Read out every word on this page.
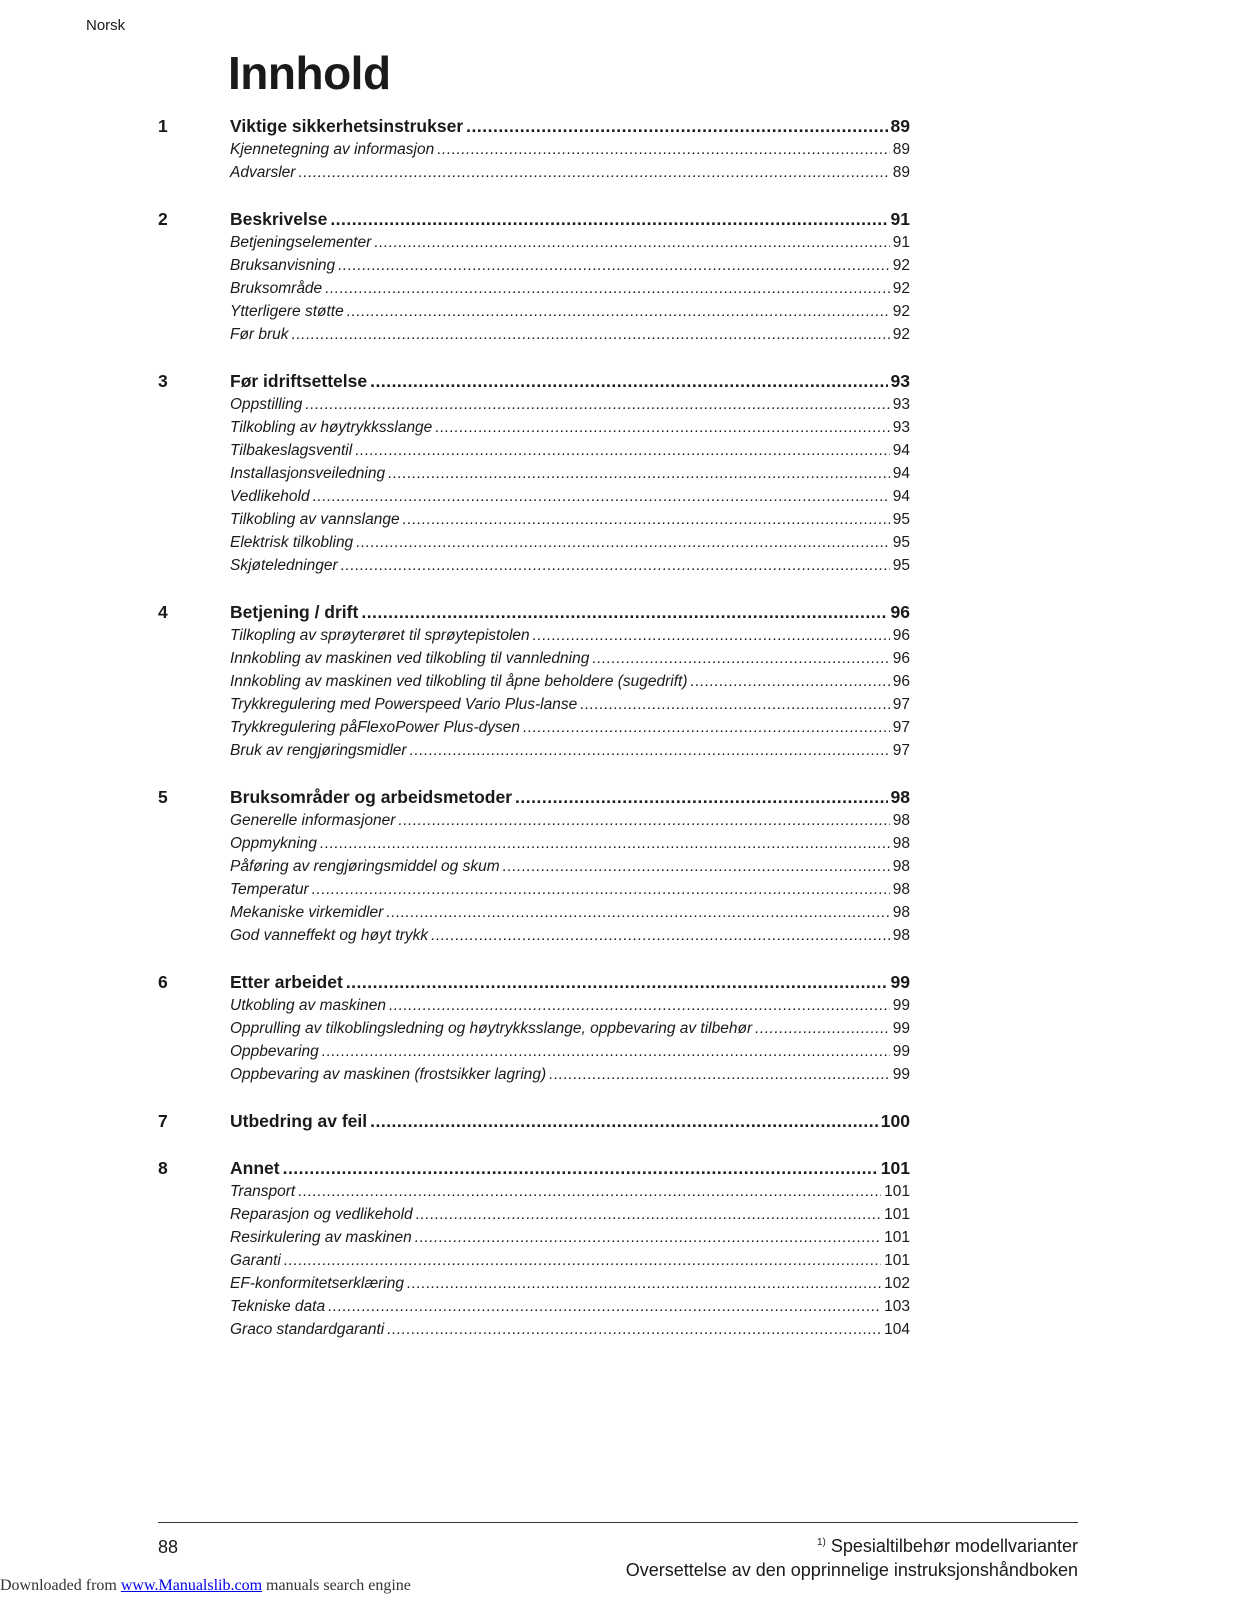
Norsk
Innhold
1	Viktige sikkerhetsinstrukser .....	89
Kjennetegning av informasjon .....	89
Advarsler .....	89
2	Beskrivelse .....	91
Betjeningselementer .....	91
Bruksanvisning .....	92
Bruksområde .....	92
Ytterligere støtte .....	92
Før bruk .....	92
3	Før idriftsettelse .....	93
Oppstilling .....	93
Tilkobling av høytrykksslange .....	93
Tilbakeslagsventil .....	94
Installasjonsveiledning .....	94
Vedlikehold .....	94
Tilkobling av vannslange .....	95
Elektrisk tilkobling .....	95
Skjøteledninger .....	95
4	Betjening / drift .....	96
Tilkopling av sprøyterøret til sprøytepistolen .....	96
Innkobling av maskinen ved tilkobling til vannledning .....	96
Innkobling av maskinen ved tilkobling til åpne beholdere (sugedrift) .....	96
Trykkregulering med Powerspeed Vario Plus-lanse .....	97
Trykkregulering påFlexoPower Plus-dysen .....	97
Bruk av rengjøringsmidler .....	97
5	Bruksområder og arbeidsmetoder .....	98
Generelle informasjoner .....	98
Oppmykning .....	98
Påføring av rengjøringsmiddel og skum .....	98
Temperatur .....	98
Mekaniske virkemidler .....	98
God vanneffekt og høyt trykk .....	98
6	Etter arbeidet .....	99
Utkobling av maskinen .....	99
Opprulling av tilkoblingsledning og høytrykksslange, oppbevaring av tilbehør .....	99
Oppbevaring .....	99
Oppbevaring av maskinen (frostsikker lagring) .....	99
7	Utbedring av feil .....	100
8	Annet .....	101
Transport .....	101
Reparasjon og vedlikehold .....	101
Resirkulering av maskinen .....	101
Garanti .....	101
EF-konformitetserklæring .....	102
Tekniske data .....	103
Graco standardgaranti .....	104
88	$^{1)}$ Spesialtilbehør modellvarianter
Oversettelse av den opprinnelige instruksjonshåndboken
Downloaded from www.Manualslib.com manuals search engine
